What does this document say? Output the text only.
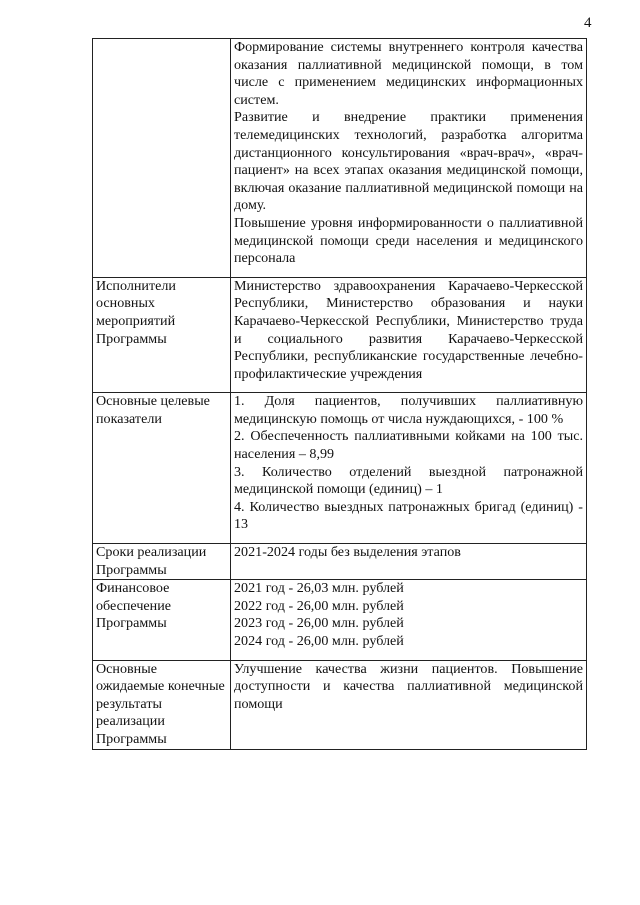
4

	Формирование системы внутреннего контроля качества оказания паллиативной медицинской помощи, в том числе с применением медицинских информационных систем.

Развитие и внедрение практики применения телемедицинских технологий, разработка алгоритма дистанционного консультирования «врач-врач», «врач-пациент» на всех этапах оказания медицинской помощи, включая оказание паллиативной медицинской помощи на дому.

Повышение уровня информированности о паллиативной медицинской помощи среди населения и медицинского персонала

Исполнители основных мероприятий Программы	Министерство здравоохранения Карачаево-Черкесской Республики, Министерство образования и науки Карачаево-Черкесской Республики, Министерство труда и социального развития Карачаево-Черкесской Республики, республиканские государственные лечебно-профилактические учреждения

Основные целевые показатели	1. Доля пациентов, получивших паллиативную медицинскую помощь от числа нуждающихся, - 100 %

2. Обеспеченность паллиативными койками на 100 тыс. населения – 8,99

3. Количество отделений выездной патронажной медицинской помощи (единиц) – 1

4. Количество выездных патронажных бригад (единиц) - 13

Сроки реализации Программы	2021-2024 годы без выделения этапов

Финансовое обеспечение Программы	2021 год - 26,03 млн. рублей

2022 год - 26,00 млн. рублей

2023 год - 26,00 млн. рублей

2024 год - 26,00 млн. рублей

Основные ожидаемые конечные результаты реализации Программы	Улучшение качества жизни пациентов. Повышение доступности и качества паллиативной медицинской помощи
